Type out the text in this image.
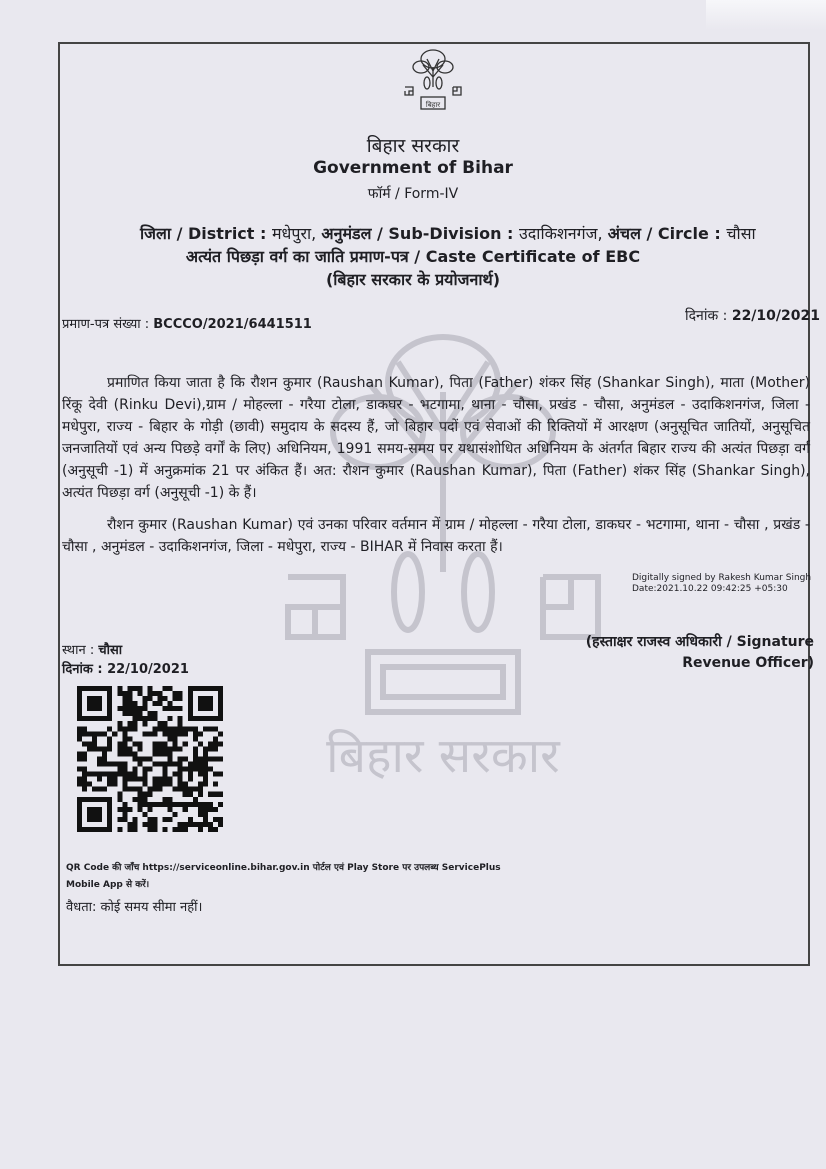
बिहार
बिहार सरकार
बिहार सरकार
Government of Bihar
फॉर्म / Form-IV
जिला / District : मधेपुरा, अनुमंडल / Sub-Division : उदाकिशनगंज, अंचल / Circle : चौसा
अत्यंत पिछड़ा वर्ग का जाति प्रमाण-पत्र / Caste Certificate of EBC
(बिहार सरकार के प्रयोजनार्थ)
प्रमाण-पत्र संख्या : BCCCO/2021/6441511
दिनांक : 22/10/2021

प्रमाणित किया जाता है कि रौशन कुमार (Raushan Kumar), पिता (Father) शंकर सिंह (Shankar Singh), माता (Mother) रिंकू देवी (Rinku Devi),ग्राम / मोहल्ला - गरैया टोला, डाकघर - भटगामा, थाना - चौसा, प्रखंड - चौसा, अनुमंडल - उदाकिशनगंज, जिला - मधेपुरा, राज्य - बिहार के गोड़ी (छावी) समुदाय के सदस्य हैं, जो बिहार पदों एवं सेवाओं की रिक्तियों में आरक्षण (अनुसूचित जातियों, अनुसूचित जनजातियों एवं अन्य पिछड़े वर्गों के लिए) अधिनियम, 1991 समय-समय पर यथासंशोधित अधिनियम के अंतर्गत बिहार राज्य की अत्यंत पिछड़ा वर्ग (अनुसूची -1) में अनुक्रमांक 21 पर अंकित हैं। अत: रौशन कुमार (Raushan Kumar), पिता (Father) शंकर सिंह (Shankar Singh), अत्यंत पिछड़ा वर्ग (अनुसूची -1) के हैं।

रौशन कुमार (Raushan Kumar) एवं उनका परिवार वर्तमान में ग्राम / मोहल्ला - गरैया टोला, डाकघर - भटगामा, थाना - चौसा , प्रखंड - चौसा , अनुमंडल - उदाकिशनगंज, जिला - मधेपुरा, राज्य - BIHAR में निवास करता हैं।

Digitally signed by Rakesh Kumar Singh
Date:2021.10.22 09:42:25 +05:30
स्थान : चौसा
दिनांक : 22/10/2021
(हस्ताक्षर राजस्व अधिकारी / Signature
Revenue Officer)
QR Code की जाँच https://serviceonline.bihar.gov.in पोर्टल एवं Play Store पर उपलब्ध ServicePlus
Mobile App से करें।
वैधता: कोई समय सीमा नहीं।
